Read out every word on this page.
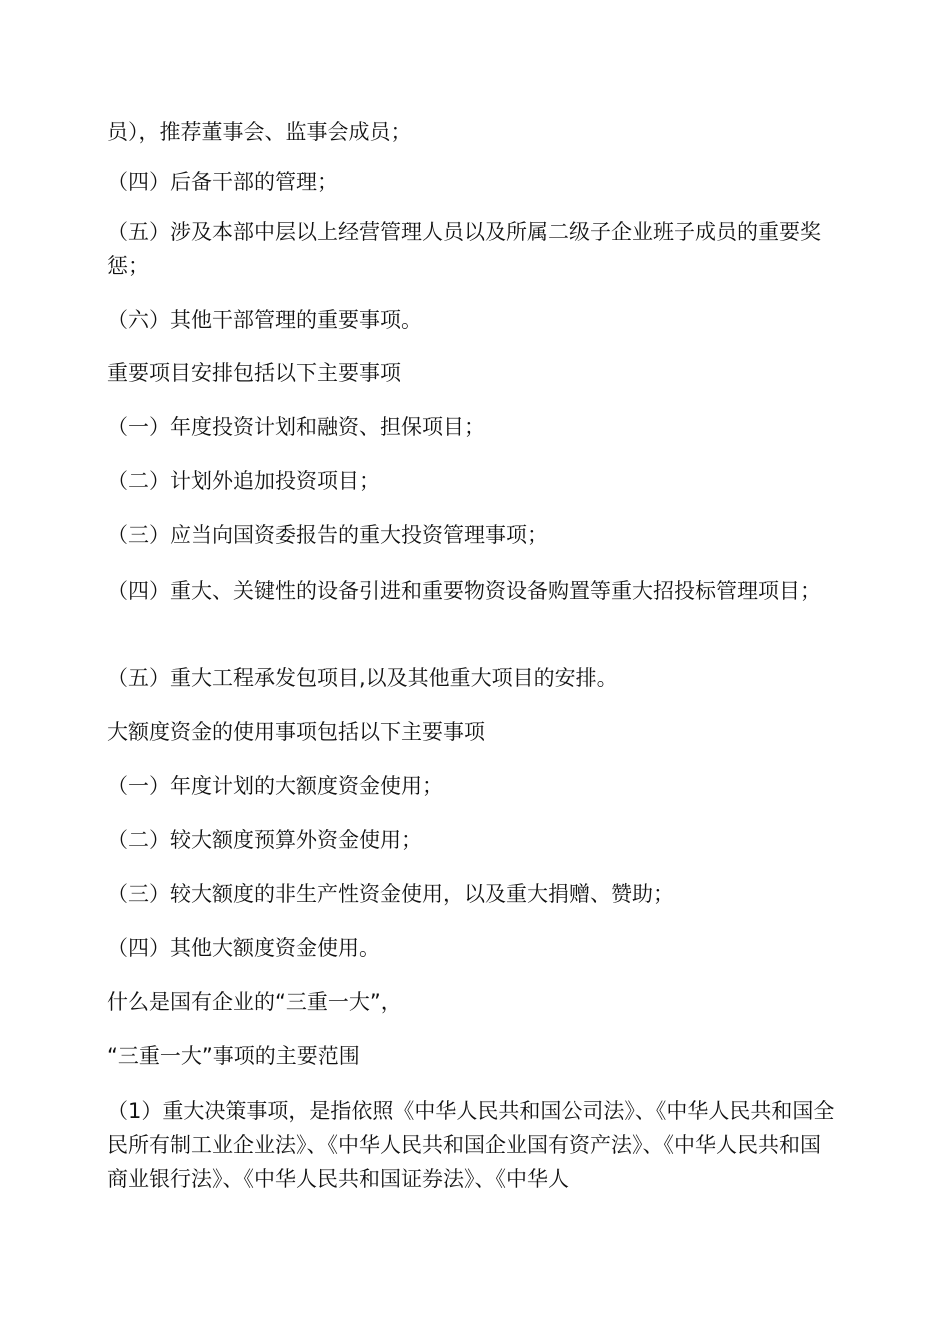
员），推荐董事会、监事会成员；

（四）后备干部的管理；

（五）涉及本部中层以上经营管理人员以及所属二级子企业班子成员的重要奖惩；

（六）其他干部管理的重要事项。

重要项目安排包括以下主要事项

（一）年度投资计划和融资、担保项目；

（二）计划外追加投资项目；

（三）应当向国资委报告的重大投资管理事项；

（四）重大、关键性的设备引进和重要物资设备购置等重大招投标管理项目；

（五）重大工程承发包项目,以及其他重大项目的安排。

大额度资金的使用事项包括以下主要事项

（一）年度计划的大额度资金使用；

（二）较大额度预算外资金使用；

（三）较大额度的非生产性资金使用，以及重大捐赠、赞助；

（四）其他大额度资金使用。

什么是国有企业的“三重一大”，

“三重一大”事项的主要范围

（1）重大决策事项，是指依照《中华人民共和国公司法》、《中华人民共和国全民所有制工业企业法》、《中华人民共和国企业国有资产法》、《中华人民共和国商业银行法》、《中华人民共和国证券法》、《中华人
